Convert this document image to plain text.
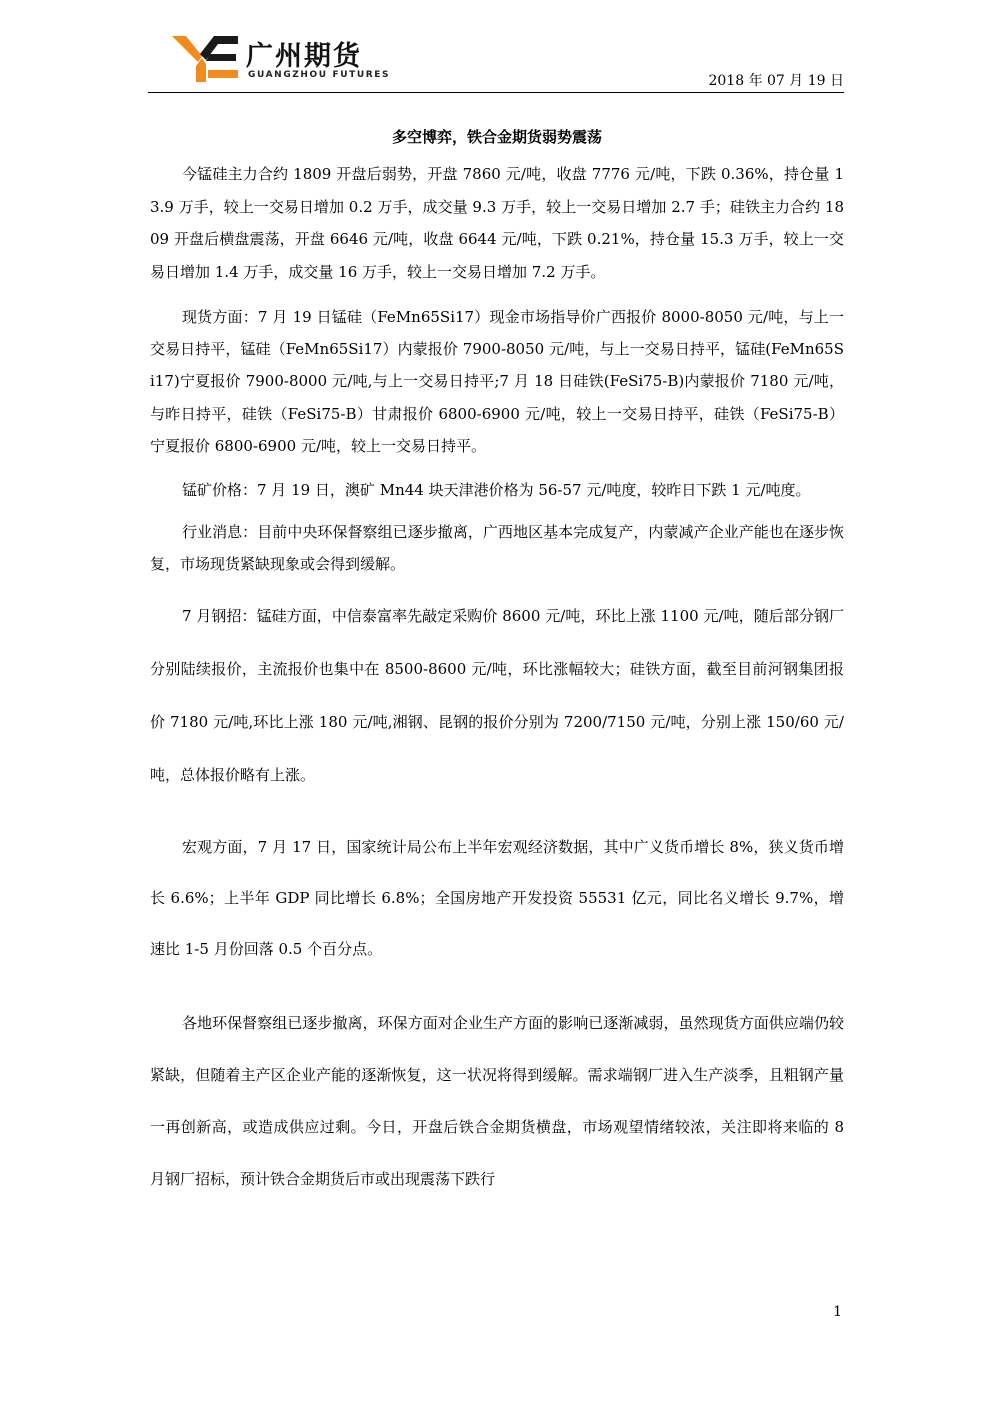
广州期货
GUANGZHOU FUTURES	2018 年 07 月 19 日
多空博弈，铁合金期货弱势震荡

今锰硅主力合约 1809 开盘后弱势，开盘 7860 元/吨，收盘 7776 元/吨，下跌 0.36%，持仓量 13.9 万手，较上一交易日增加 0.2 万手，成交量 9.3 万手，较上一交易日增加 2.7 手；硅铁主力合约 1809 开盘后横盘震荡，开盘 6646 元/吨，收盘 6644 元/吨，下跌 0.21%，持仓量 15.3 万手，较上一交易日增加 1.4 万手，成交量 16 万手，较上一交易日增加 7.2 万手。

现货方面：7 月 19 日锰硅（FeMn65Si17）现金市场指导价广西报价 8000-8050 元/吨，与上一交易日持平，锰硅（FeMn65Si17）内蒙报价 7900-8050 元/吨，与上一交易日持平，锰硅(FeMn65Si17)宁夏报价 7900-8000 元/吨,与上一交易日持平;7 月 18 日硅铁(FeSi75-B)内蒙报价 7180 元/吨，与昨日持平，硅铁（FeSi75-B）甘肃报价 6800-6900 元/吨，较上一交易日持平，硅铁（FeSi75-B）宁夏报价 6800-6900 元/吨，较上一交易日持平。

锰矿价格：7 月 19 日，澳矿 Mn44 块天津港价格为 56-57 元/吨度，较昨日下跌 1 元/吨度。

行业消息：目前中央环保督察组已逐步撤离，广西地区基本完成复产，内蒙减产企业产能也在逐步恢复，市场现货紧缺现象或会得到缓解。

7 月钢招：锰硅方面，中信泰富率先敲定采购价 8600 元/吨，环比上涨 1100 元/吨，随后部分钢厂分别陆续报价，主流报价也集中在 8500-8600 元/吨，环比涨幅较大；硅铁方面，截至目前河钢集团报价 7180 元/吨,环比上涨 180 元/吨,湘钢、昆钢的报价分别为 7200/7150 元/吨，分别上涨 150/60 元/吨，总体报价略有上涨。

宏观方面，7 月 17 日，国家统计局公布上半年宏观经济数据，其中广义货币增长 8%，狭义货币增长 6.6%；上半年 GDP 同比增长 6.8%；全国房地产开发投资 55531 亿元，同比名义增长 9.7%，增速比 1-5 月份回落 0.5 个百分点。

各地环保督察组已逐步撤离，环保方面对企业生产方面的影响已逐渐减弱，虽然现货方面供应端仍较紧缺，但随着主产区企业产能的逐渐恢复，这一状况将得到缓解。需求端钢厂进入生产淡季，且粗钢产量一再创新高，或造成供应过剩。今日，开盘后铁合金期货横盘，市场观望情绪较浓，关注即将来临的 8 月钢厂招标，预计铁合金期货后市或出现震荡下跌行

1
